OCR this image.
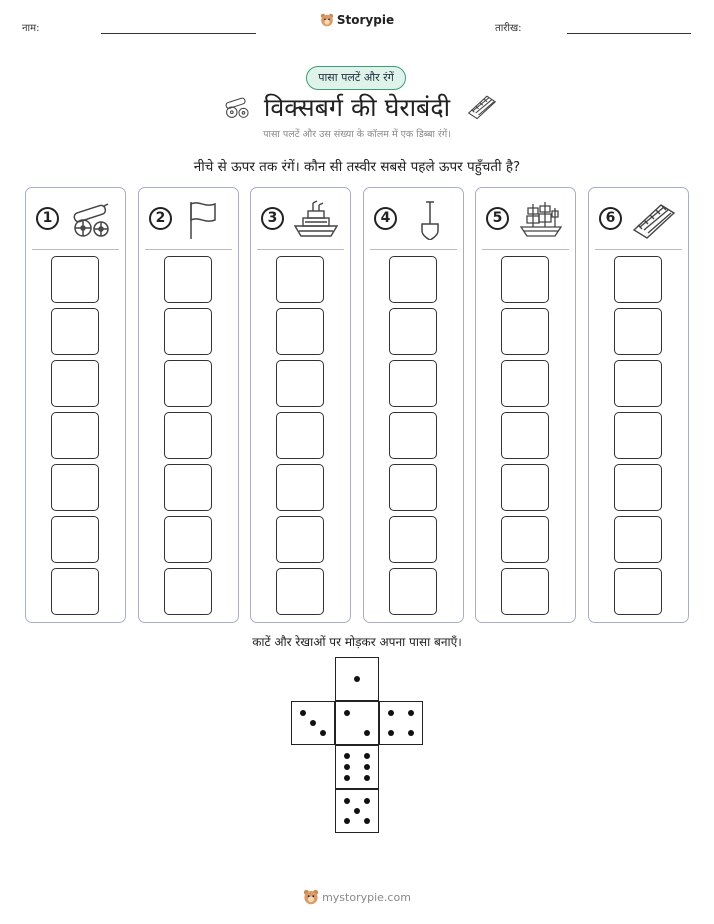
नाम:
Storypie
तारीख:
पासा पलटें और रंगें
विक्सबर्ग की घेराबंदी
पासा पलटें और उस संख्या के कॉलम में एक डिब्बा रंगें।
नीचे से ऊपर तक रंगें। कौन सी तस्वीर सबसे पहले ऊपर पहुँचती है?
1	2	3	4	5	6
काटें और रेखाओं पर मोड़कर अपना पासा बनाएँ।
mystorypie.com
